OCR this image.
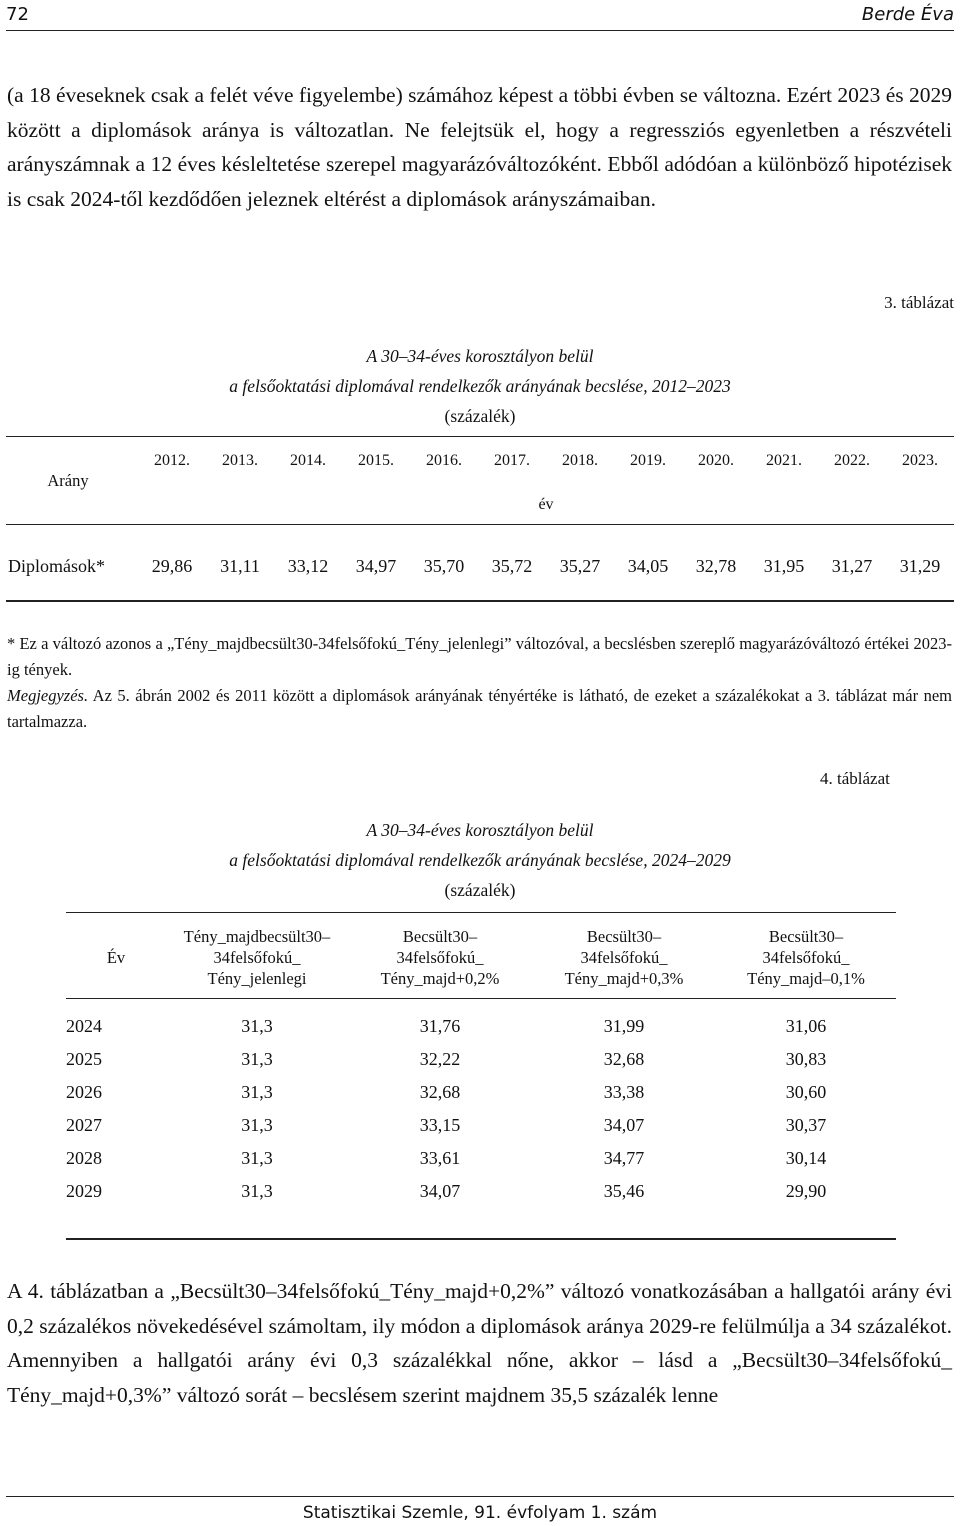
72	Berde Éva

(a 18 éveseknek csak a felét véve figyelembe) számához képest a többi évben se változna. Ezért 2023 és 2029 között a diplomások aránya is változatlan. Ne felejtsük el, hogy a regressziós egyenletben a részvételi arányszámnak a 12 éves késleltetése szerepel magyarázóváltozóként. Ebből adódóan a különböző hipotézisek is csak 2024-től kezdődően jeleznek eltérést a diplomások arányszámaiban.

3. táblázat
A 30–34-éves korosztályon belül
a felsőoktatási diplomával rendelkezők arányának becslése, 2012–2023
(százalék)
Arány
2012.	2013.	2014.	2015.	2016.	2017.	2018.	2019.	2020.	2021.	2022.	2023.
év
Diplomások*	29,86	31,11	33,12	34,97	35,70	35,72	35,27	34,05	32,78	31,95	31,27	31,29

* Ez a változó azonos a „Tény_majdbecsült30-34felsőfokú_Tény_jelenlegi” változóval, a becslésben szereplő magyarázóváltozó értékei 2023-ig tények.

Megjegyzés. Az 5. ábrán 2002 és 2011 között a diplomások arányának tényértéke is látható, de ezeket a százalékokat a 3. táblázat már nem tartalmazza.

4. táblázat
A 30–34-éves korosztályon belül
a felsőoktatási diplomával rendelkezők arányának becslése, 2024–2029
(százalék)
Év
Tény_majdbecsült30–
34felsőfokú_
Tény_jelenlegi
Becsült30–
34felsőfokú_
Tény_majd+0,2%
Becsült30–
34felsőfokú_
Tény_majd+0,3%
Becsült30–
34felsőfokú_
Tény_majd–0,1%
2024	31,3	31,76	31,99	31,06
2025	31,3	32,22	32,68	30,83
2026	31,3	32,68	33,38	30,60
2027	31,3	33,15	34,07	30,37
2028	31,3	33,61	34,77	30,14
2029	31,3	34,07	35,46	29,90

A 4. táblázatban a „Becsült30–34felsőfokú_Tény_majd+0,2%” változó vonatkozásában a hallgatói arány évi 0,2 százalékos növekedésével számoltam, ily módon a diplomások aránya 2029-re felülmúlja a 34 százalékot. Amennyiben a hallgatói arány évi 0,3 százalékkal nőne, akkor – lásd a „Becsült30–34felsőfokú_ Tény_majd+0,3%” változó sorát – becslésem szerint majdnem 35,5 százalék lenne

Statisztikai Szemle, 91. évfolyam 1. szám
